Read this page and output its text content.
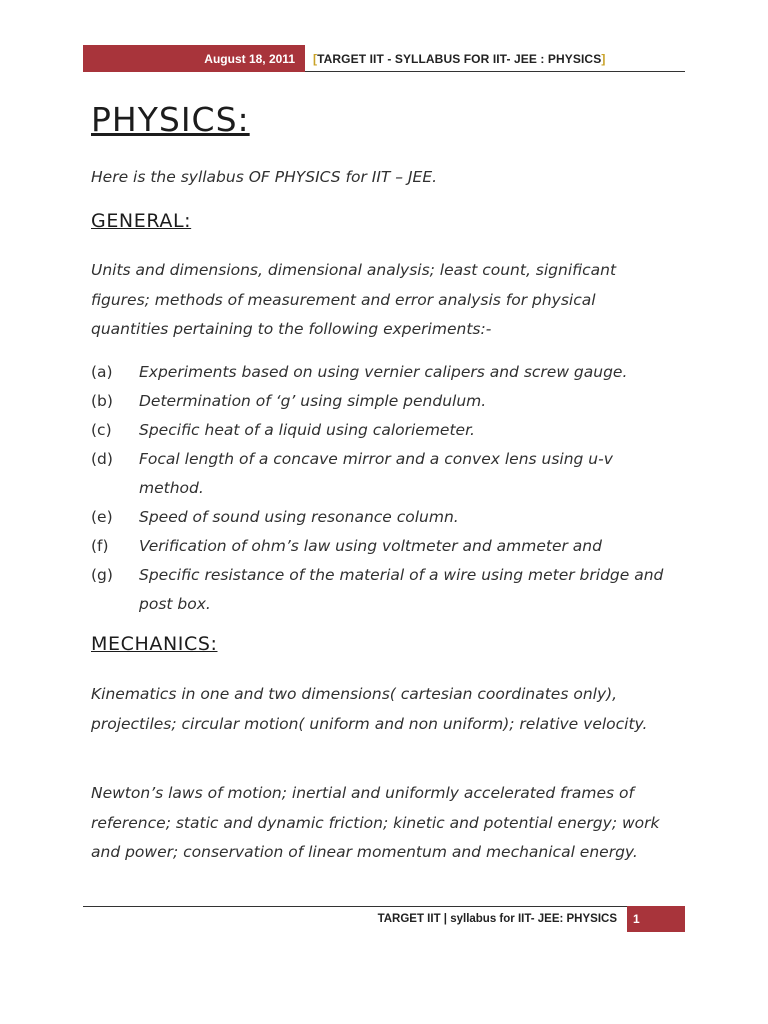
August 18, 2011	[ TARGET IIT - SYLLABUS FOR IIT- JEE : PHYSICS ]
PHYSICS:
Here is the syllabus OF PHYSICS for IIT – JEE.
GENERAL:

Units and dimensions, dimensional analysis; least count, significant figures; methods of measurement and error analysis for physical quantities pertaining to the following experiments:-

(a)	Experiments based on using vernier calipers and screw gauge.
(b)	Determination of ‘g’ using simple pendulum.
(c)	Specific heat of a liquid using caloriemeter.
(d)	Focal length of a concave mirror and a convex lens using u-v method.
(e)	Speed of sound using resonance column.
(f)	Verification of ohm’s law using voltmeter and ammeter and
(g)	Specific resistance of the material of a wire using meter bridge and post box.
MECHANICS:

Kinematics in one and two dimensions( cartesian coordinates only), projectiles; circular motion( uniform and non uniform); relative velocity.

Newton’s laws of motion; inertial and uniformly accelerated frames of reference; static and dynamic friction; kinetic and potential energy; work and power; conservation of linear momentum and mechanical energy.

TARGET IIT | syllabus for IIT- JEE: PHYSICS	1
